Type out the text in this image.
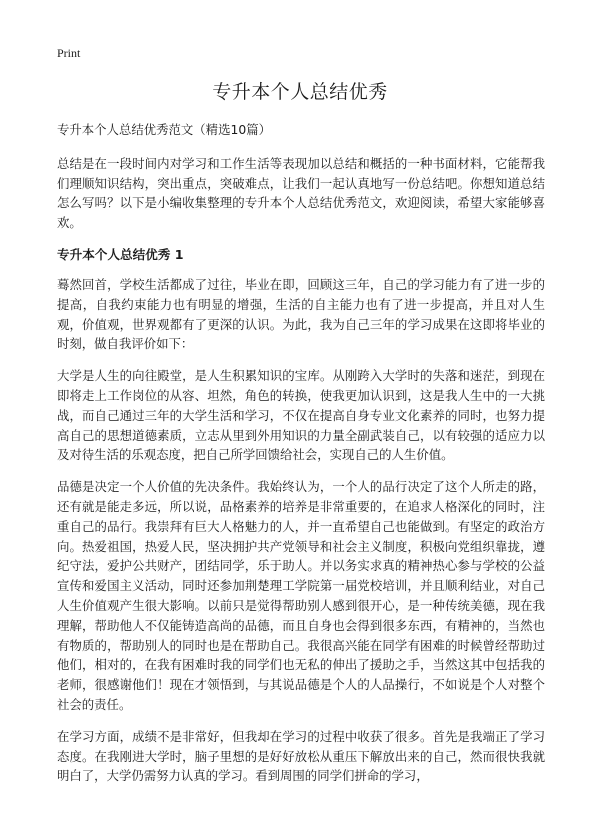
Print
专升本个人总结优秀

专升本个人总结优秀范文（精选10篇）

总结是在一段时间内对学习和工作生活等表现加以总结和概括的一种书面材料，它能帮我们理顺知识结构，突出重点，突破难点，让我们一起认真地写一份总结吧。你想知道总结怎么写吗？以下是小编收集整理的专升本个人总结优秀范文，欢迎阅读，希望大家能够喜欢。

专升本个人总结优秀 1

蓦然回首，学校生活都成了过往，毕业在即，回顾这三年，自己的学习能力有了进一步的提高，自我约束能力也有明显的增强，生活的自主能力也有了进一步提高，并且对人生观，价值观，世界观都有了更深的认识。为此，我为自己三年的学习成果在这即将毕业的时刻，做自我评价如下：

大学是人生的向往殿堂，是人生积累知识的宝库。从刚跨入大学时的失落和迷茫，到现在即将走上工作岗位的从容、坦然，角色的转换，使我更加认识到，这是我人生中的一大挑战，而自己通过三年的大学生活和学习，不仅在提高自身专业文化素养的同时，也努力提高自己的思想道德素质，立志从里到外用知识的力量全副武装自己，以有较强的适应力以及对待生活的乐观态度，把自己所学回馈给社会，实现自己的人生价值。

品德是决定一个人价值的先决条件。我始终认为，一个人的品行决定了这个人所走的路，还有就是能走多远，所以说，品格素养的培养是非常重要的，在追求人格深化的同时，注重自己的品行。我崇拜有巨大人格魅力的人，并一直希望自己也能做到。有坚定的政治方向。热爱祖国，热爱人民，坚决拥护共产党领导和社会主义制度，积极向党组织靠拢，遵纪守法，爱护公共财产，团结同学，乐于助人。并以务实求真的精神热心参与学校的公益宣传和爱国主义活动，同时还参加荆楚理工学院第一届党校培训，并且顺利结业，对自己人生价值观产生很大影响。以前只是觉得帮助别人感到很开心，是一种传统美德，现在我理解，帮助他人不仅能铸造高尚的品德，而且自身也会得到很多东西，有精神的，当然也有物质的，帮助别人的同时也是在帮助自己。我很高兴能在同学有困难的时候曾经帮助过他们，相对的，在我有困难时我的同学们也无私的伸出了援助之手，当然这其中包括我的老师，很感谢他们！现在才领悟到，与其说品德是个人的人品操行，不如说是个人对整个社会的责任。

在学习方面，成绩不是非常好，但我却在学习的过程中收获了很多。首先是我端正了学习态度。在我刚进大学时，脑子里想的是好好放松从重压下解放出来的自己，然而很快我就明白了，大学仍需努力认真的学习。看到周围的同学们拼命的学习，
